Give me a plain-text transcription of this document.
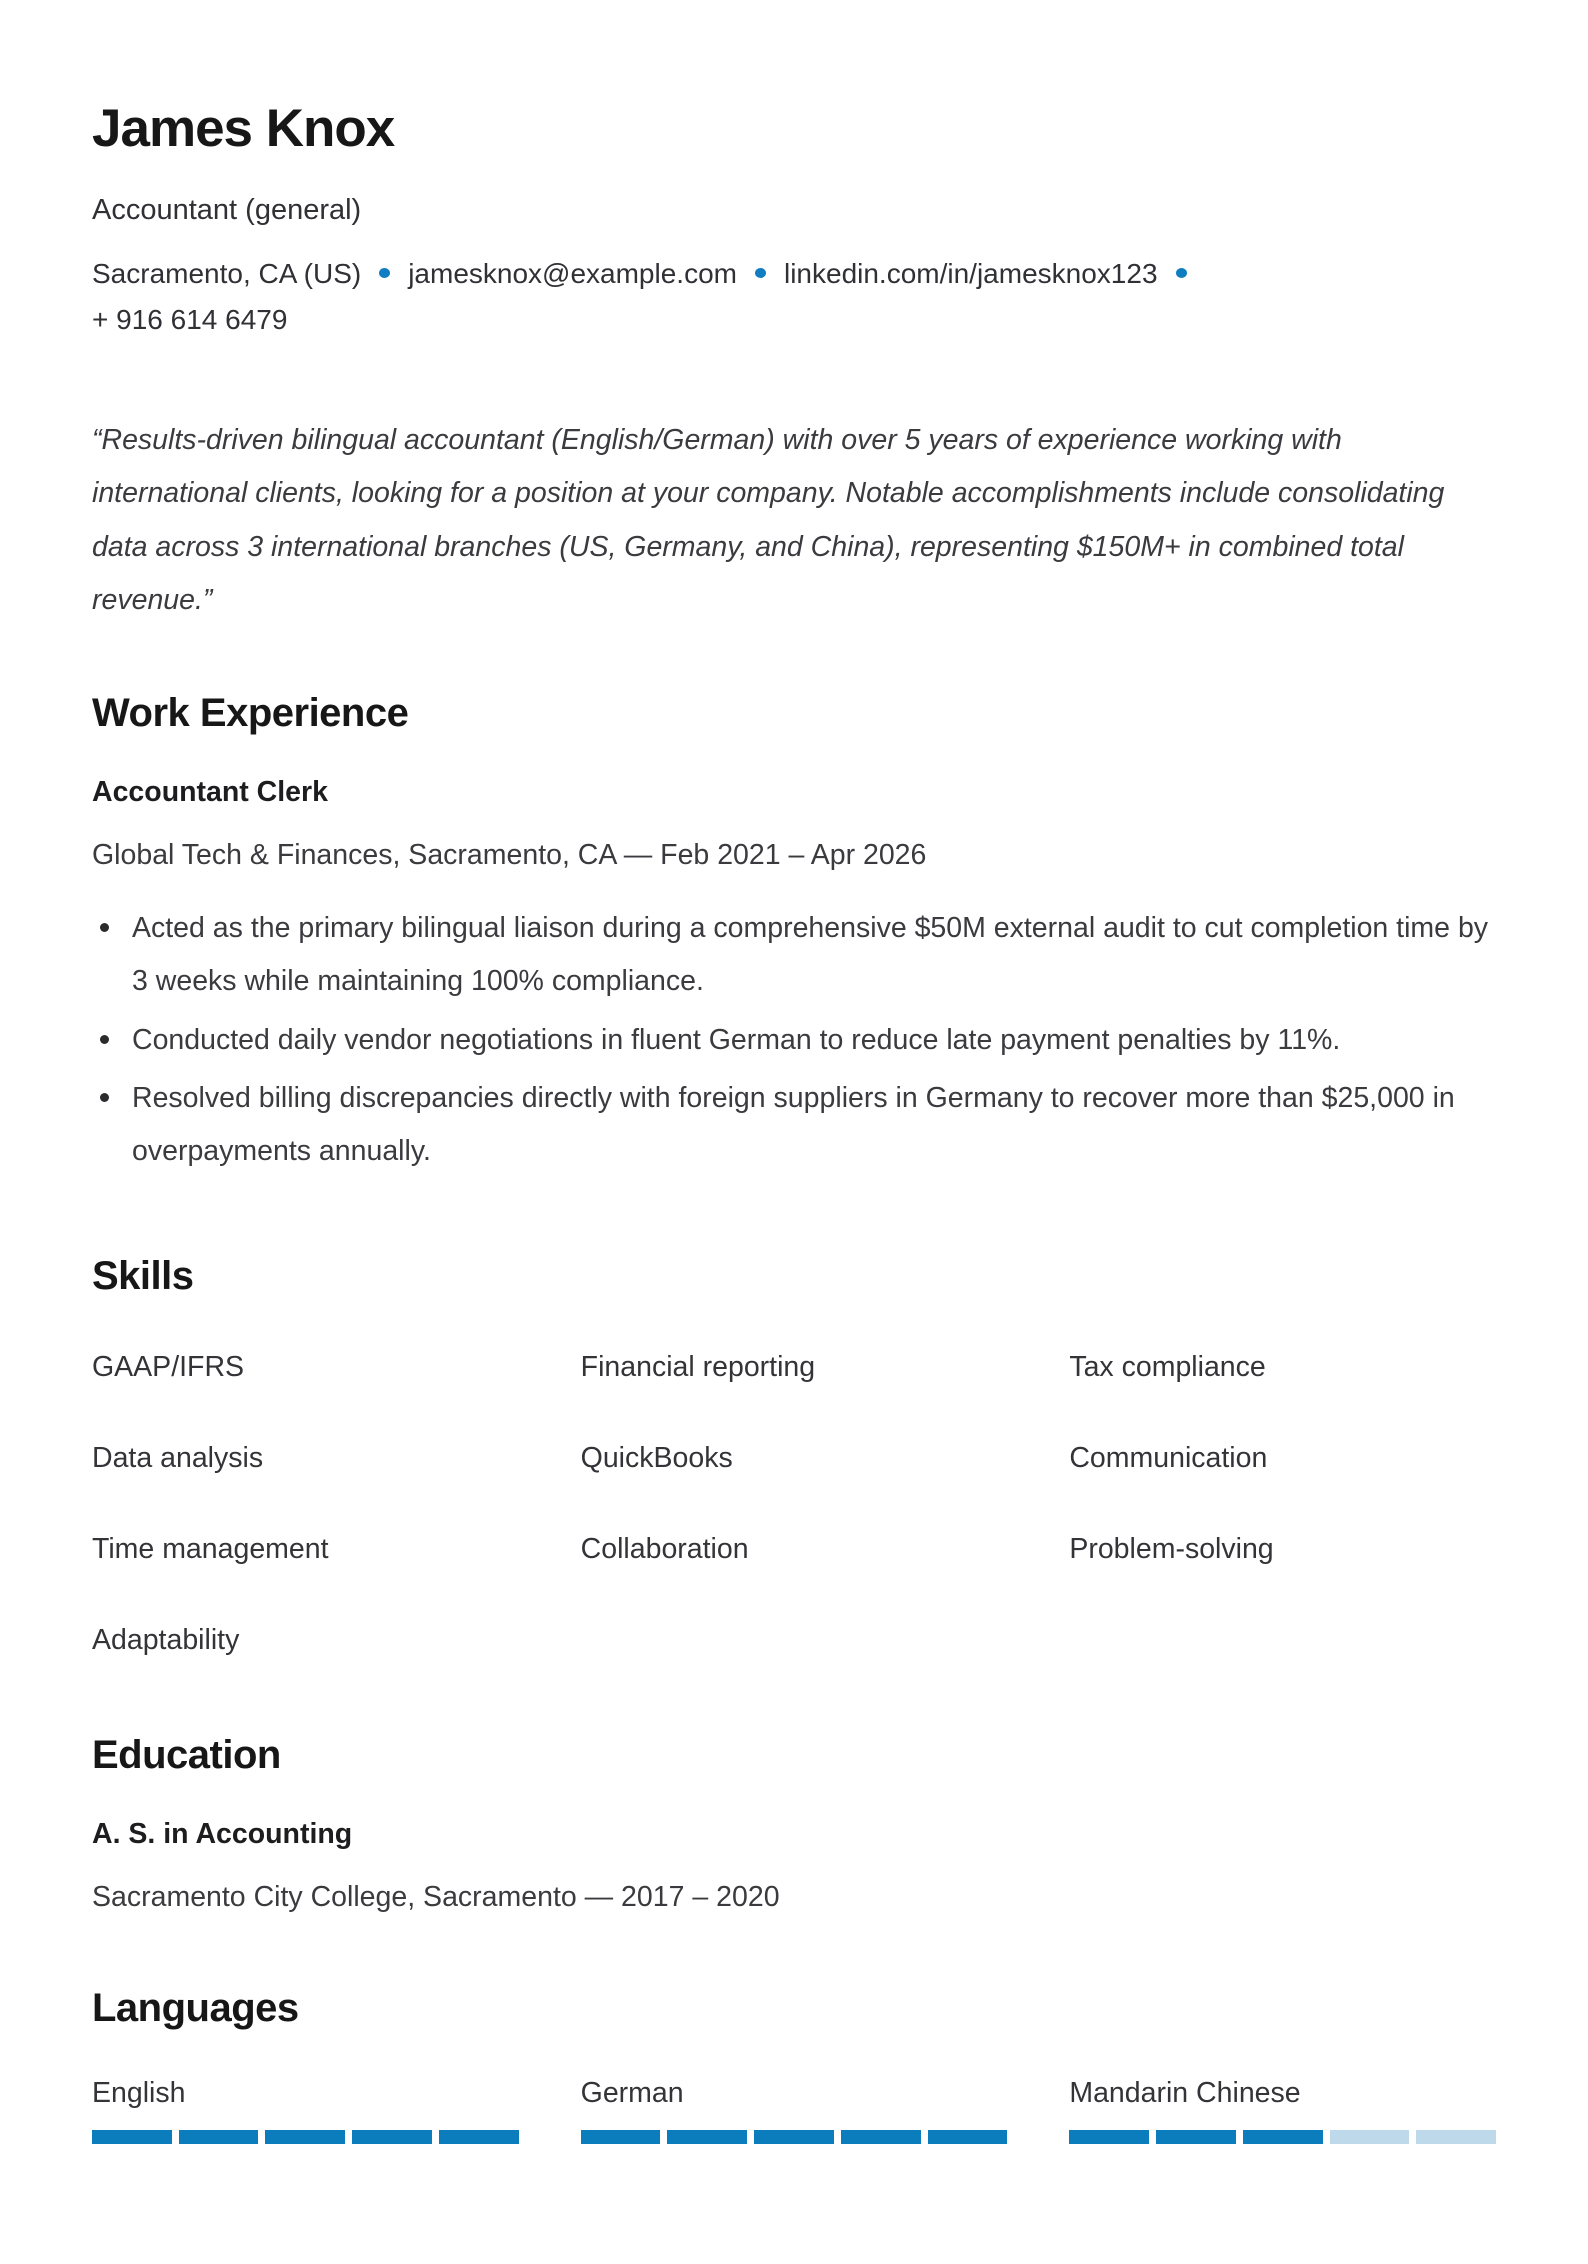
James Knox
Accountant (general)
Sacramento, CA (US) jamesknox@example.com linkedin.com/in/jamesknox123
+ 916 614 6479

“Results-driven bilingual accountant (English/German) with over 5 years of experience working with international clients, looking for a position at your company. Notable accomplishments include consolidating data across 3 international branches (US, Germany, and China), representing $150M+ in combined total revenue.”

Work Experience
Accountant Clerk
Global Tech & Finances, Sacramento, CA — Feb 2021 – Apr 2026
Acted as the primary bilingual liaison during a comprehensive $50M external audit to cut completion time by 3 weeks while maintaining 100% compliance.
Conducted daily vendor negotiations in fluent German to reduce late payment penalties by 11%.
Resolved billing discrepancies directly with foreign suppliers in Germany to recover more than $25,000 in overpayments annually.
Skills
GAAP/IFRS	Financial reporting	Tax compliance
Data analysis	QuickBooks	Communication
Time management	Collaboration	Problem-solving
Adaptability
Education
A. S. in Accounting
Sacramento City College, Sacramento — 2017 – 2020
Languages
English	German	Mandarin Chinese
